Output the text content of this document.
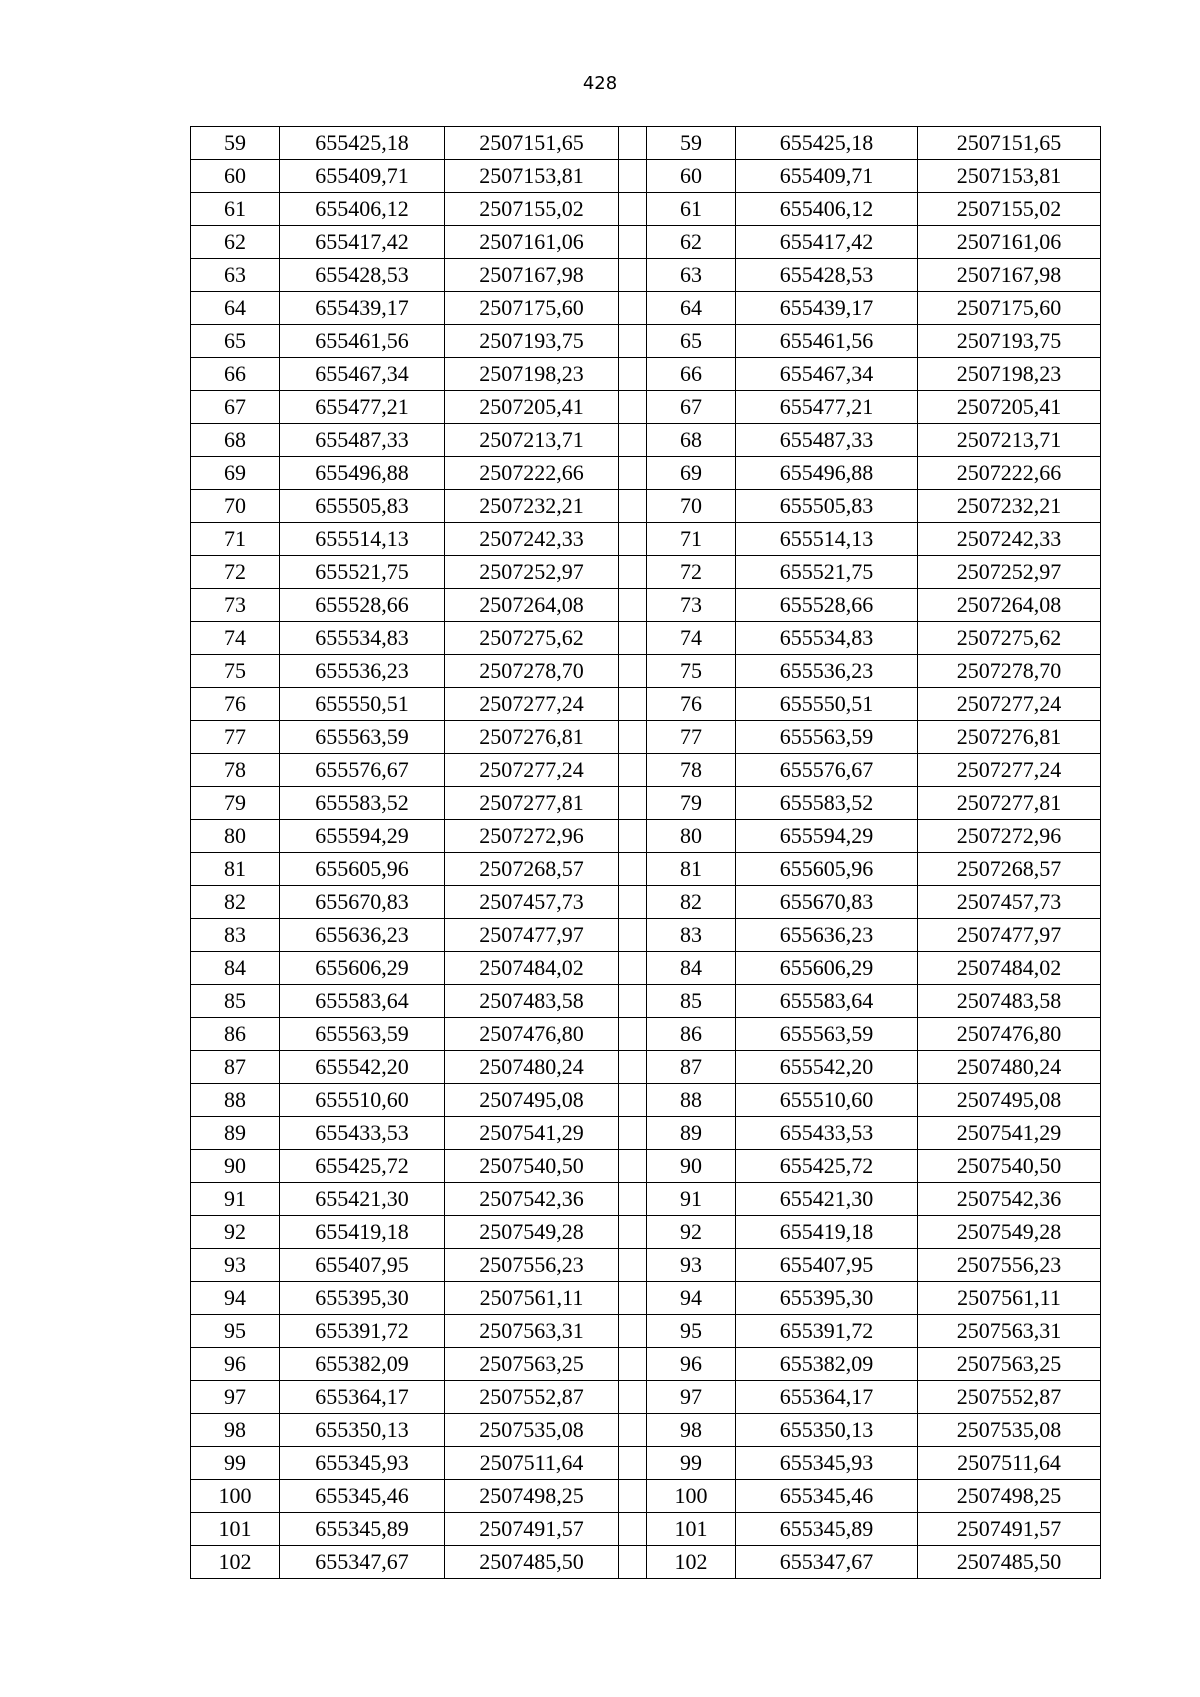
428
59	655425,18	2507151,65		59	655425,18	2507151,65
60	655409,71	2507153,81		60	655409,71	2507153,81
61	655406,12	2507155,02		61	655406,12	2507155,02
62	655417,42	2507161,06		62	655417,42	2507161,06
63	655428,53	2507167,98		63	655428,53	2507167,98
64	655439,17	2507175,60		64	655439,17	2507175,60
65	655461,56	2507193,75		65	655461,56	2507193,75
66	655467,34	2507198,23		66	655467,34	2507198,23
67	655477,21	2507205,41		67	655477,21	2507205,41
68	655487,33	2507213,71		68	655487,33	2507213,71
69	655496,88	2507222,66		69	655496,88	2507222,66
70	655505,83	2507232,21		70	655505,83	2507232,21
71	655514,13	2507242,33		71	655514,13	2507242,33
72	655521,75	2507252,97		72	655521,75	2507252,97
73	655528,66	2507264,08		73	655528,66	2507264,08
74	655534,83	2507275,62		74	655534,83	2507275,62
75	655536,23	2507278,70		75	655536,23	2507278,70
76	655550,51	2507277,24		76	655550,51	2507277,24
77	655563,59	2507276,81		77	655563,59	2507276,81
78	655576,67	2507277,24		78	655576,67	2507277,24
79	655583,52	2507277,81		79	655583,52	2507277,81
80	655594,29	2507272,96		80	655594,29	2507272,96
81	655605,96	2507268,57		81	655605,96	2507268,57
82	655670,83	2507457,73		82	655670,83	2507457,73
83	655636,23	2507477,97		83	655636,23	2507477,97
84	655606,29	2507484,02		84	655606,29	2507484,02
85	655583,64	2507483,58		85	655583,64	2507483,58
86	655563,59	2507476,80		86	655563,59	2507476,80
87	655542,20	2507480,24		87	655542,20	2507480,24
88	655510,60	2507495,08		88	655510,60	2507495,08
89	655433,53	2507541,29		89	655433,53	2507541,29
90	655425,72	2507540,50		90	655425,72	2507540,50
91	655421,30	2507542,36		91	655421,30	2507542,36
92	655419,18	2507549,28		92	655419,18	2507549,28
93	655407,95	2507556,23		93	655407,95	2507556,23
94	655395,30	2507561,11		94	655395,30	2507561,11
95	655391,72	2507563,31		95	655391,72	2507563,31
96	655382,09	2507563,25		96	655382,09	2507563,25
97	655364,17	2507552,87		97	655364,17	2507552,87
98	655350,13	2507535,08		98	655350,13	2507535,08
99	655345,93	2507511,64		99	655345,93	2507511,64
100	655345,46	2507498,25		100	655345,46	2507498,25
101	655345,89	2507491,57		101	655345,89	2507491,57
102	655347,67	2507485,50		102	655347,67	2507485,50
